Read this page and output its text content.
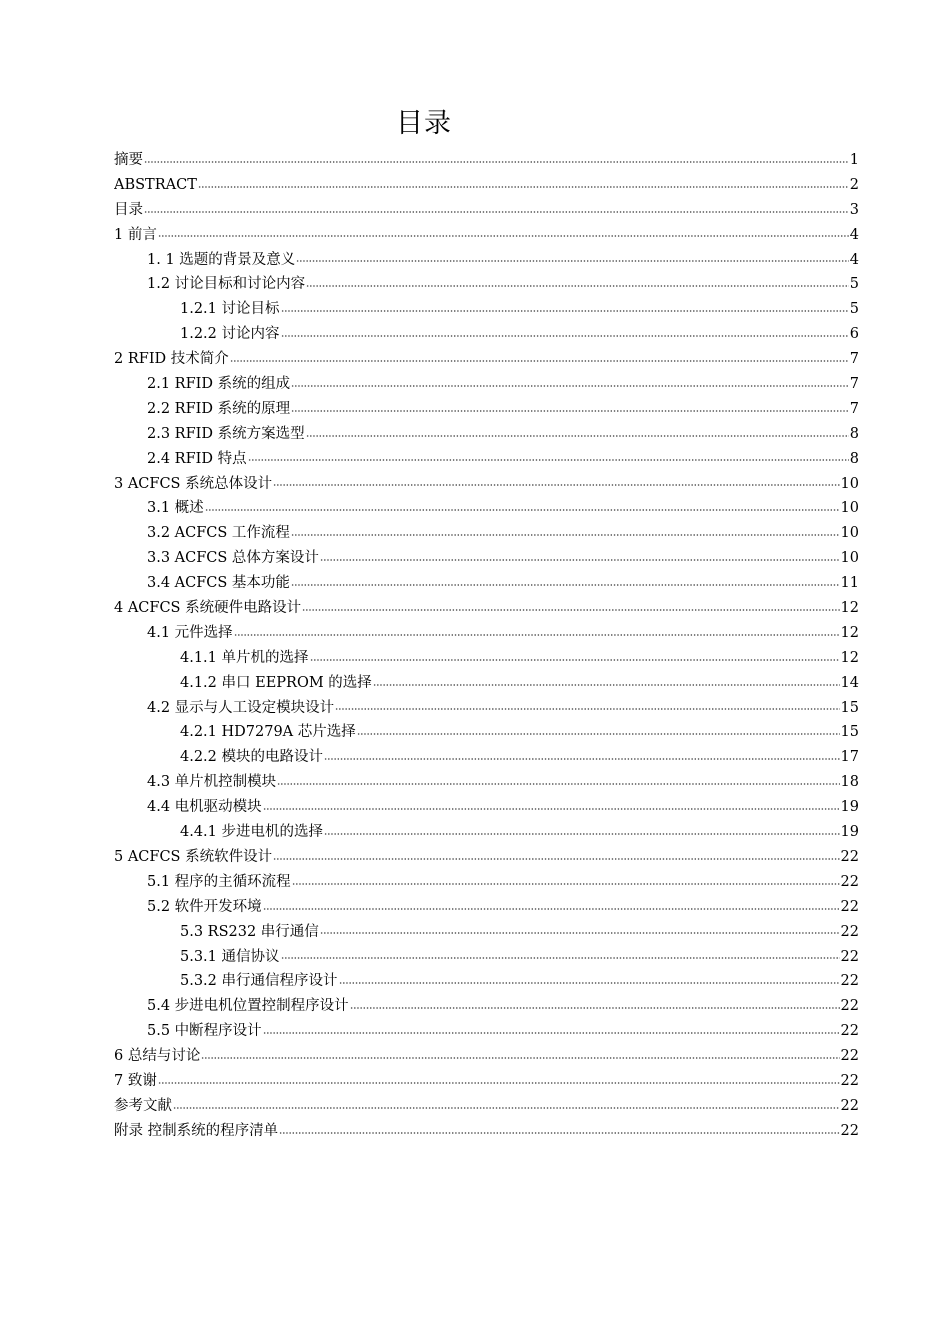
目录
摘要	1
ABSTRACT	2
目录	3
1 前言	4
1. 1 选题的背景及意义	4
1.2 讨论目标和讨论内容	5
1.2.1 讨论目标	5
1.2.2 讨论内容	6
2 RFID 技术简介	7
2.1 RFID 系统的组成	7
2.2 RFID 系统的原理	7
2.3 RFID 系统方案选型	8
2.4 RFID 特点	8
3 ACFCS 系统总体设计	10
3.1 概述	10
3.2 ACFCS 工作流程	10
3.3 ACFCS 总体方案设计	10
3.4 ACFCS 基本功能	11
4 ACFCS 系统硬件电路设计	12
4.1 元件选择	12
4.1.1 单片机的选择	12
4.1.2 串口 EEPROM 的选择	14
4.2 显示与人工设定模块设计	15
4.2.1 HD7279A 芯片选择	15
4.2.2 模块的电路设计	17
4.3 单片机控制模块	18
4.4 电机驱动模块	19
4.4.1 步进电机的选择	19
5 ACFCS 系统软件设计	22
5.1 程序的主循环流程	22
5.2 软件开发环境	22
5.3 RS232 串行通信	22
5.3.1 通信协议	22
5.3.2 串行通信程序设计	22
5.4 步进电机位置控制程序设计	22
5.5 中断程序设计	22
6 总结与讨论	22
7 致谢	22
参考文献	22
附录 控制系统的程序清单	22
